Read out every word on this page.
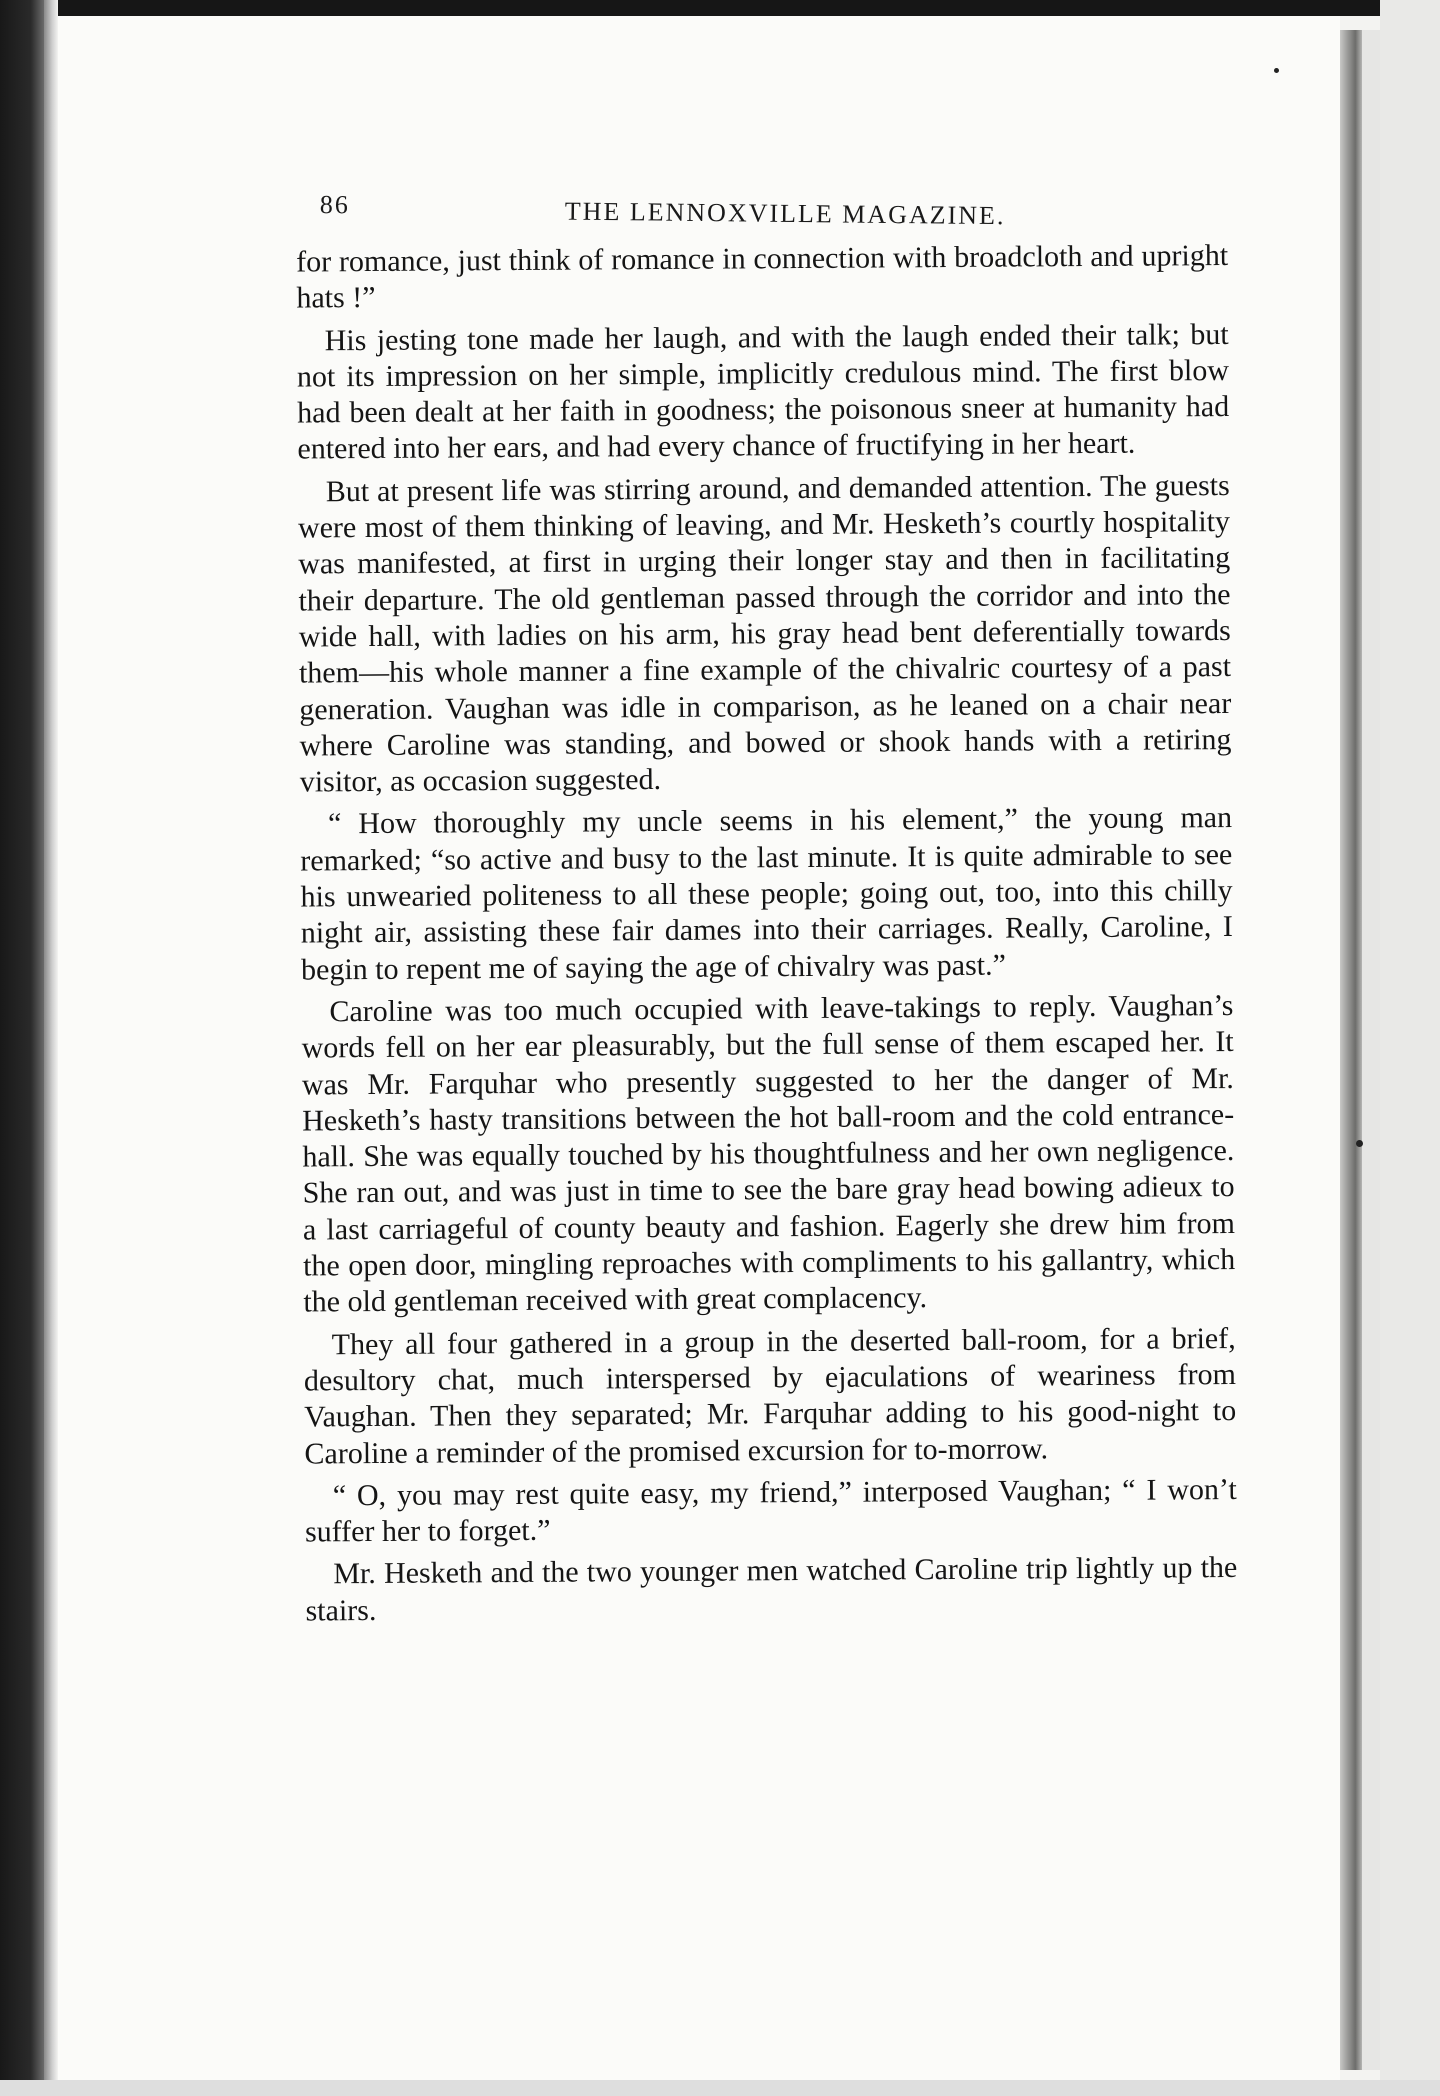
86	THE LENNOXVILLE MAGAZINE.

for romance, just think of romance in connection with broadcloth and upright hats !”

His jesting tone made her laugh, and with the laugh ended their talk; but not its impression on her simple, implicitly credulous mind. The first blow had been dealt at her faith in goodness; the poisonous sneer at humanity had entered into her ears, and had every chance of fructifying in her heart.

But at present life was stirring around, and demanded attention. The guests were most of them thinking of leaving, and Mr. Hesketh’s courtly hospitality was manifested, at first in urging their longer stay and then in facilitating their departure. The old gentleman passed through the corridor and into the wide hall, with ladies on his arm, his gray head bent deferentially towards them—his whole manner a fine example of the chivalric courtesy of a past generation. Vaughan was idle in comparison, as he leaned on a chair near where Caroline was standing, and bowed or shook hands with a retiring visitor, as occasion suggested.

“ How thoroughly my uncle seems in his element,” the young man remarked; “so active and busy to the last minute. It is quite admirable to see his unwearied politeness to all these people; going out, too, into this chilly night air, assisting these fair dames into their carriages. Really, Caroline, I begin to repent me of saying the age of chivalry was past.”

Caroline was too much occupied with leave-takings to reply. Vaughan’s words fell on her ear pleasurably, but the full sense of them escaped her. It was Mr. Farquhar who presently suggested to her the danger of Mr. Hesketh’s hasty transitions between the hot ball-room and the cold entrance-hall. She was equally touched by his thoughtfulness and her own negligence. She ran out, and was just in time to see the bare gray head bowing adieux to a last carriageful of county beauty and fashion. Eagerly she drew him from the open door, mingling reproaches with compliments to his gallantry, which the old gentleman received with great complacency.

They all four gathered in a group in the deserted ball-room, for a brief, desultory chat, much interspersed by ejaculations of weariness from Vaughan. Then they separated; Mr. Farquhar adding to his good-night to Caroline a reminder of the promised excursion for to-morrow.

“ O, you may rest quite easy, my friend,” interposed Vaughan; “ I won’t suffer her to forget.”

Mr. Hesketh and the two younger men watched Caroline trip lightly up the stairs.
